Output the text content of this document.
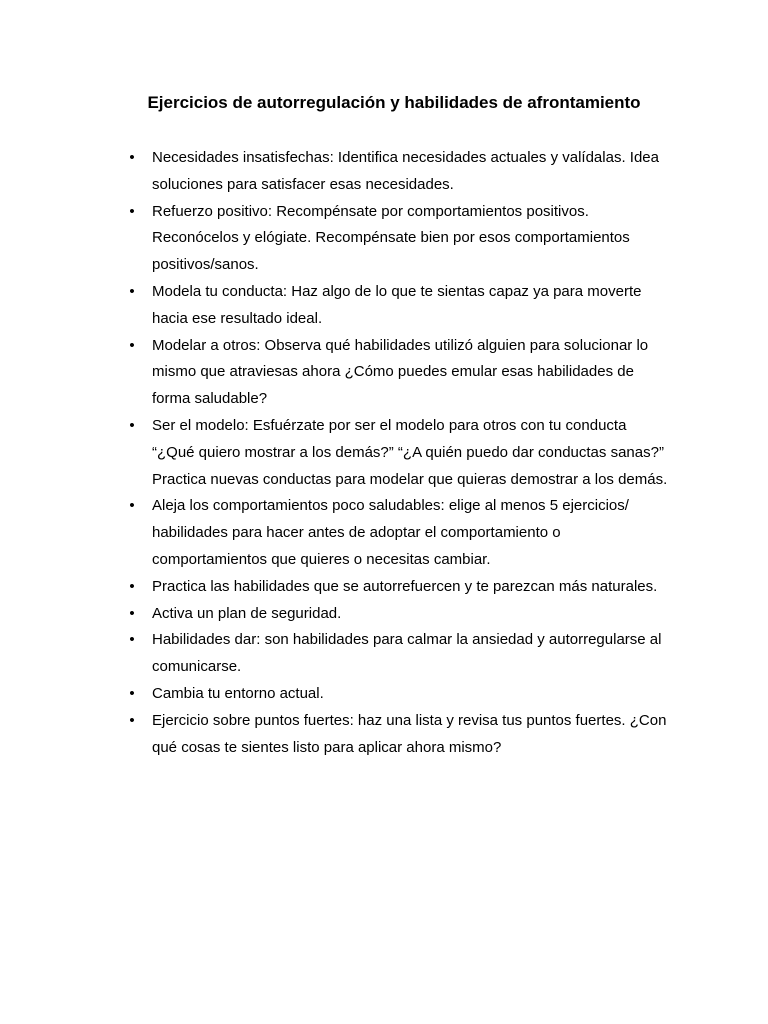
Ejercicios de autorregulación y habilidades de afrontamiento
• Necesidades insatisfechas: Identifica necesidades actuales y valídalas. Idea soluciones para satisfacer esas necesidades.
• Refuerzo positivo: Recompénsate por comportamientos positivos. Reconócelos y elógiate. Recompénsate bien por esos comportamientos positivos/sanos.
• Modela tu conducta: Haz algo de lo que te sientas capaz ya para moverte hacia ese resultado ideal.
• Modelar a otros: Observa qué habilidades utilizó alguien para solucionar lo mismo que atraviesas ahora ¿Cómo puedes emular esas habilidades de forma saludable?
• Ser el modelo: Esfuérzate por ser el modelo para otros con tu conducta “¿Qué quiero mostrar a los demás?” “¿A quién puedo dar conductas sanas?” Practica nuevas conductas para modelar que quieras demostrar a los demás.
• Aleja los comportamientos poco saludables: elige al menos 5 ejercicios/ habilidades para hacer antes de adoptar el comportamiento o comportamientos que quieres o necesitas cambiar.
• Practica las habilidades que se autorrefuercen y te parezcan más naturales.
• Activa un plan de seguridad.
• Habilidades dar: son habilidades para calmar la ansiedad y autorregularse al comunicarse.
• Cambia tu entorno actual.
• Ejercicio sobre puntos fuertes: haz una lista y revisa tus puntos fuertes. ¿Con qué cosas te sientes listo para aplicar ahora mismo?
